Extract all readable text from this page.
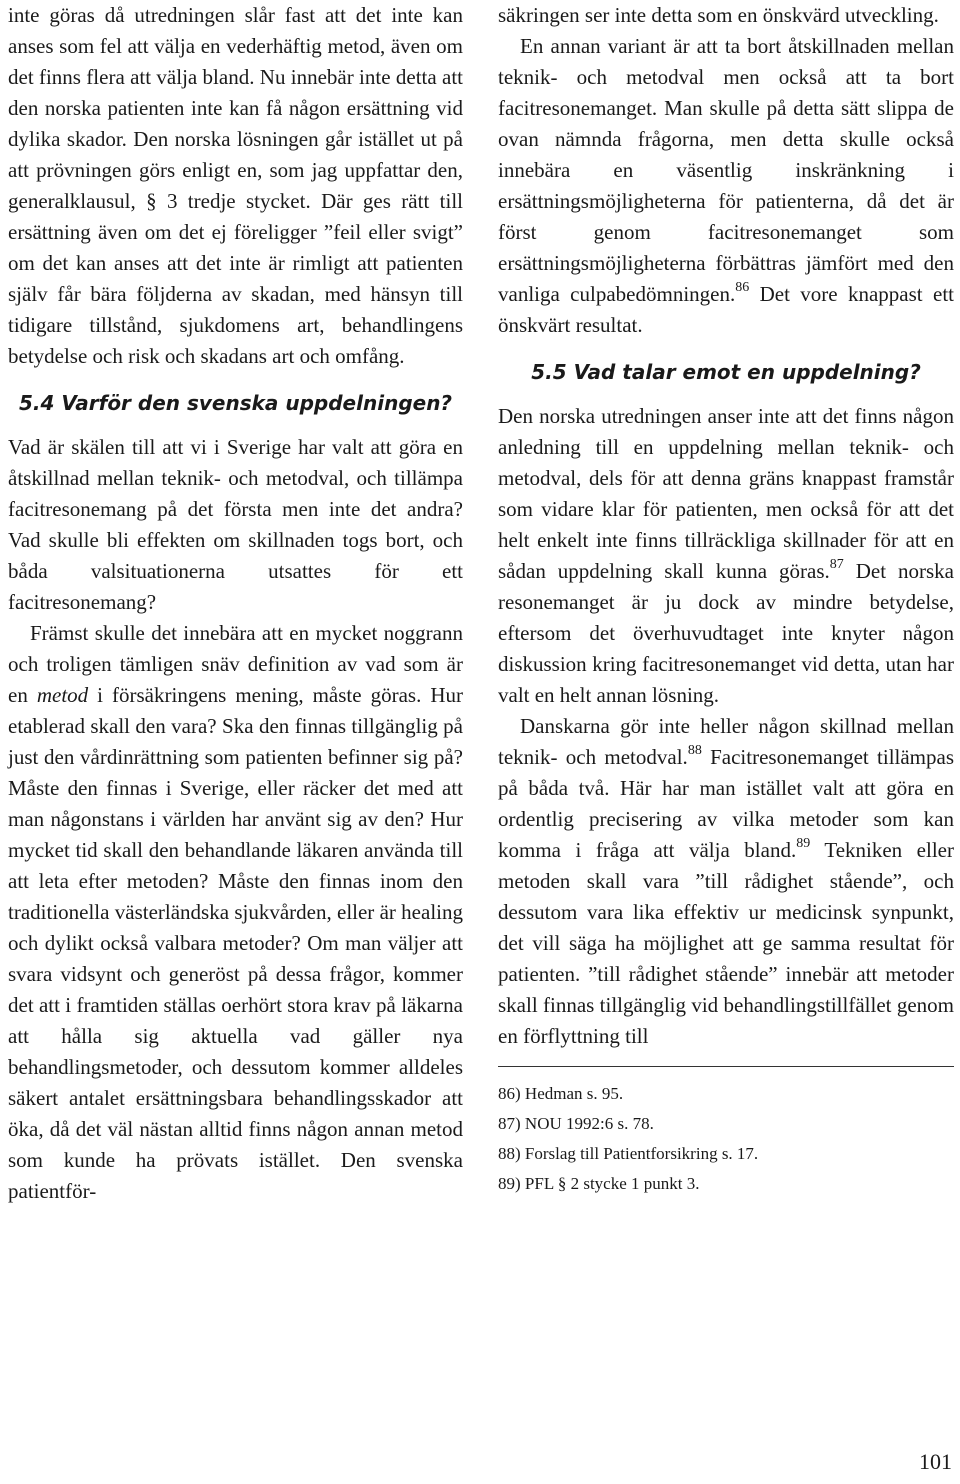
inte göras då utredningen slår fast att det inte kan anses som fel att välja en vederhäftig metod, även om det finns flera att välja bland. Nu innebär inte detta att den norska patienten inte kan få någon ersättning vid dylika skador. Den norska lösningen går istället ut på att prövningen görs enligt en, som jag uppfattar den, generalklausul, § 3 tredje stycket. Där ges rätt till ersättning även om det ej föreligger ”feil eller svigt” om det kan anses att det inte är rimligt att patienten själv får bära följderna av skadan, med hänsyn till tidigare tillstånd, sjukdomens art, behandlingens betydelse och risk och skadans art och omfång.

5.4 Varför den svenska uppdelningen?

Vad är skälen till att vi i Sverige har valt att göra en åtskillnad mellan teknik- och metodval, och tillämpa facitresonemang på det första men inte det andra? Vad skulle bli effekten om skillnaden togs bort, och båda valsituationerna utsattes för ett facitresonemang?

Främst skulle det innebära att en mycket noggrann och troligen tämligen snäv definition av vad som är en metod i försäkringens mening, måste göras. Hur etablerad skall den vara? Ska den finnas tillgänglig på just den vårdinrättning som patienten befinner sig på? Måste den finnas i Sverige, eller räcker det med att man någonstans i världen har använt sig av den? Hur mycket tid skall den behandlande läkaren använda till att leta efter metoden? Måste den finnas inom den traditionella västerländska sjukvården, eller är healing och dylikt också valbara metoder? Om man väljer att svara vidsynt och generöst på dessa frågor, kommer det att i framtiden ställas oerhört stora krav på läkarna att hålla sig aktuella vad gäller nya behandlingsmetoder, och dessutom kommer alldeles säkert antalet ersättningsbara behandlingsskador att öka, då det väl nästan alltid finns någon annan metod som kunde ha prövats istället. Den svenska patientför-

säkringen ser inte detta som en önskvärd utveckling.

En annan variant är att ta bort åtskillnaden mellan teknik- och metodval men också att ta bort facitresonemanget. Man skulle på detta sätt slippa de ovan nämnda frågorna, men detta skulle också innebära en väsentlig inskränkning i ersättningsmöjligheterna för patienterna, då det är först genom facitresonemanget som ersättningsmöjligheterna förbättras jämfört med den vanliga culpabedömningen.$^{86}$ Det vore knappast ett önskvärt resultat.

5.5 Vad talar emot en uppdelning?

Den norska utredningen anser inte att det finns någon anledning till en uppdelning mellan teknik- och metodval, dels för att denna gräns knappast framstår som vidare klar för patienten, men också för att det helt enkelt inte finns tillräckliga skillnader för att en sådan uppdelning skall kunna göras.$^{87}$ Det norska resonemanget är ju dock av mindre betydelse, eftersom det överhuvudtaget inte knyter någon diskussion kring facitresonemanget vid detta, utan har valt en helt annan lösning.

Danskarna gör inte heller någon skillnad mellan teknik- och metodval.$^{88}$ Facitresonemanget tillämpas på båda två. Här har man istället valt att göra en ordentlig precisering av vilka metoder som kan komma i fråga att välja bland.$^{89}$ Tekniken eller metoden skall vara ”till rådighet stående”, och dessutom vara lika effektiv ur medicinsk synpunkt, det vill säga ha möjlighet att ge samma resultat för patienten. ”till rådighet stående” innebär att metoder skall finnas tillgänglig vid behandlingstillfället genom en förflyttning till

86) Hedman s. 95.
87) NOU 1992:6 s. 78.
88) Forslag till Patientforsikring s. 17.
89) PFL § 2 stycke 1 punkt 3.
101
